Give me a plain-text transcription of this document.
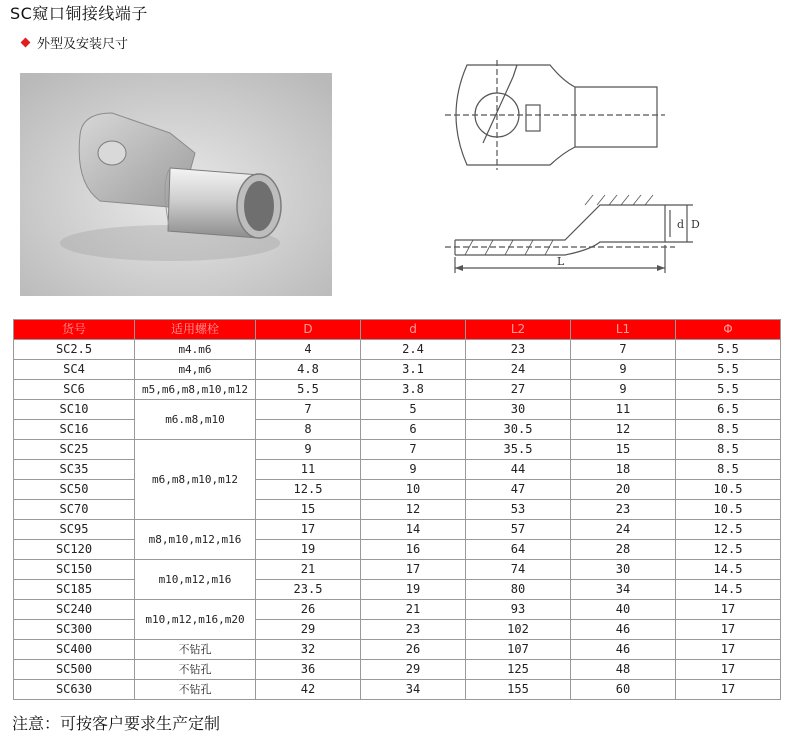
SC窥口铜接线端子
外型及安装尺寸
d D
L
货号	适用螺栓	D	d	L2	L1	Φ
SC2.5	m4.m6	4	2.4	23	7	5.5
SC4	m4,m6	4.8	3.1	24	9	5.5
SC6	m5,m6,m8,m10,m12	5.5	3.8	27	9	5.5
SC10	m6.m8,m10	7	5	30	11	6.5
SC16		8	6	30.5	12	8.5
SC25	m6,m8,m10,m12	9	7	35.5	15	8.5
SC35		11	9	44	18	8.5
SC50		12.5	10	47	20	10.5
SC70		15	12	53	23	10.5
SC95	m8,m10,m12,m16	17	14	57	24	12.5
SC120		19	16	64	28	12.5
SC150	m10,m12,m16	21	17	74	30	14.5
SC185		23.5	19	80	34	14.5
SC240	m10,m12,m16,m20	26	21	93	40	17
SC300		29	23	102	46	17
SC400	不钻孔	32	26	107	46	17
SC500	不钻孔	36	29	125	48	17
SC630	不钻孔	42	34	155	60	17
注意：可按客户要求生产定制
